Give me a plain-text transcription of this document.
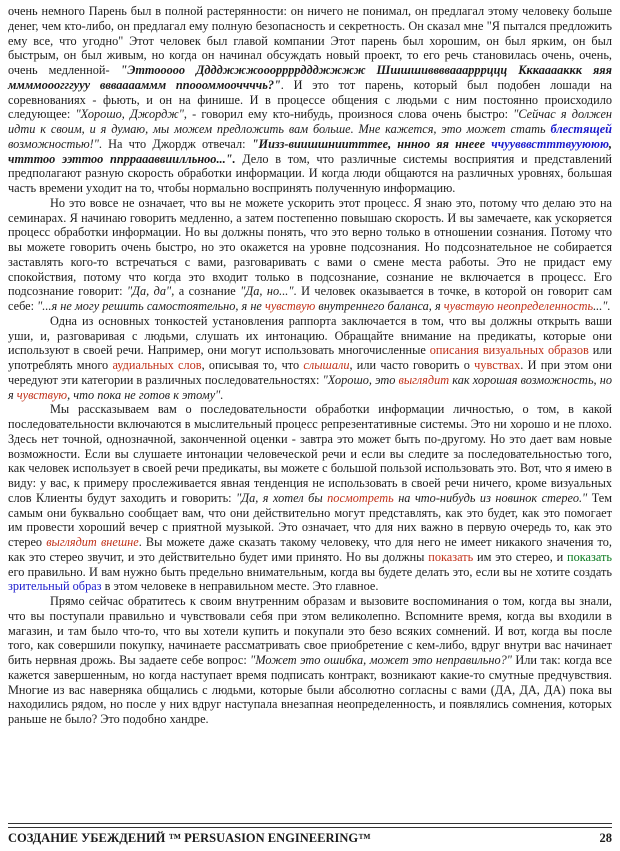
очень немного Парень был в полной растерянности: он ничего не понимал, он предлагал этому человеку больше денег, чем кто-либо, он предлагал ему полную безопасность и секретность. Он сказал мне "Я пытался предложить ему все, что угодно" Этот человек был главой компании Этот парень был хорошим, он был ярким, он был быстрым, он был живым, но когда он начинал обсуждать новый проект, то его речь становилась очень, очень, очень медленной- "Эттооооо Дддджжжоооррррддджжжж Шшшшиввввааарррццц Кккааааккк яяя ммммооогггууу вввааааммм ппоооммооччччь?". И это тот парень, который был подобен лошади на соревнованиях - фьють, и он на финише. И в процессе общения с людьми с ним постоянно происходило следующее: "Хорошо, Джордж", - говорил ему кто-нибудь, произнося слова очень быстро: "Сейчас я должен идти к своим, и я думаю, мы можем предложить вам больше. Мне кажется, это может стать блестящей возможностью!". На что Джордж отвечал: "Иизз-виишшниитттее, ннноо яя ннеее ччуувввстттвууююю, чтттоо ээттоо ппрраааввиилльноо...". Дело в том, что различные системы восприятия и представлений предполагают разную скорость обработки информации. И когда люди общаются на различных уровнях, большая часть времени уходит на то, чтобы нормально воспринять полученную информацию.

Но это вовсе не означает, что вы не можете ускорить этот процесс. Я знаю это, потому что делаю это на семинарах. Я начинаю говорить медленно, а затем постепенно повышаю скорость. И вы замечаете, как ускоряется процесс обработки информации. Но вы должны понять, что это верно только в отношении сознания. Потому что вы можете говорить очень быстро, но это окажется на уровне подсознания. Но подсознательное не собирается заставлять кого-то встречаться с вами, разговаривать с вами о смене места работы. Это не придаст ему спокойствия, потому что когда это входит только в подсознание, сознание не включается в процесс. Его подсознание говорит: "Да, да", а сознание "Да, но...". И человек оказывается в точке, в которой он говорит сам себе: "...я не могу решить самостоятельно, я не чувствую внутреннего баланса, я чувствую неопределенность...".

Одна из основных тонкостей установления раппорта заключается в том, что вы должны открыть ваши уши, и, разговаривая с людьми, слушать их интонацию. Обращайте внимание на предикаты, которые они используют в своей речи. Например, они могут использовать многочисленные описания визуальных образов или употреблять много аудиальных слов, описывая то, что слышали, или часто говорить о чувствах. И при этом они чередуют эти категории в различных последовательностях: "Хорошо, это выглядит как хорошая возможность, но я чувствую, что пока не готов к этому".

Мы рассказываем вам о последовательности обработки информации личностью, о том, в какой последовательности включаются в мыслительный процесс репрезентативные системы. Это ни хорошо и не плохо. Здесь нет точной, однозначной, законченной оценки - завтра это может быть по-другому. Но это дает вам новые возможности. Если вы слушаете интонации человеческой речи и если вы следите за последовательностью того, как человек использует в своей речи предикаты, вы можете с большой пользой использовать это. Вот, что я имею в виду: у вас, к примеру прослеживается явная тенденция не использовать в своей речи ничего, кроме визуальных слов Клиенты будут заходить и говорить: "Да, я хотел бы посмотреть на что-нибудь из новинок стерео." Тем самым они буквально сообщает вам, что они действительно могут представлять, как это будет, как это помогает им провести хороший вечер с приятной музыкой. Это означает, что для них важно в первую очередь то, как это стерео выглядит внешне. Вы можете даже сказать такому человеку, что для него не имеет никакого значения то, как это стерео звучит, и это действительно будет ими принято. Но вы должны показать им это стерео, и показать его правильно. И вам нужно быть предельно внимательным, когда вы будете делать это, если вы не хотите создать зрительный образ в этом человеке в неправильном месте. Это главное.

Прямо сейчас обратитесь к своим внутренним образам и вызовите воспоминания о том, когда вы знали, что вы поступали правильно и чувствовали себя при этом великолепно. Вспомните время, когда вы входили в магазин, и там было что-то, что вы хотели купить и покупали это безо всяких сомнений. И вот, когда вы после того, как совершили покупку, начинаете рассматривать свое приобретение с кем-либо, вдруг внутри вас начинает бить нервная дрожь. Вы задаете себе вопрос: "Может это ошибка, может это неправильно?" Или так: когда все кажется завершенным, но когда наступает время подписать контракт, возникают какие-то смутные предчувствия. Многие из вас наверняка общались с людьми, которые были абсолютно согласны с вами (ДА, ДА, ДА) пока вы находились рядом, но после у них вдруг наступала внезапная неопределенность, и появлялись сомнения, которых раньше не было? Это подобно хандре.

СОЗДАНИЕ УБЕЖДЕНИЙ ™ PERSUASION ENGINEERING™	28
